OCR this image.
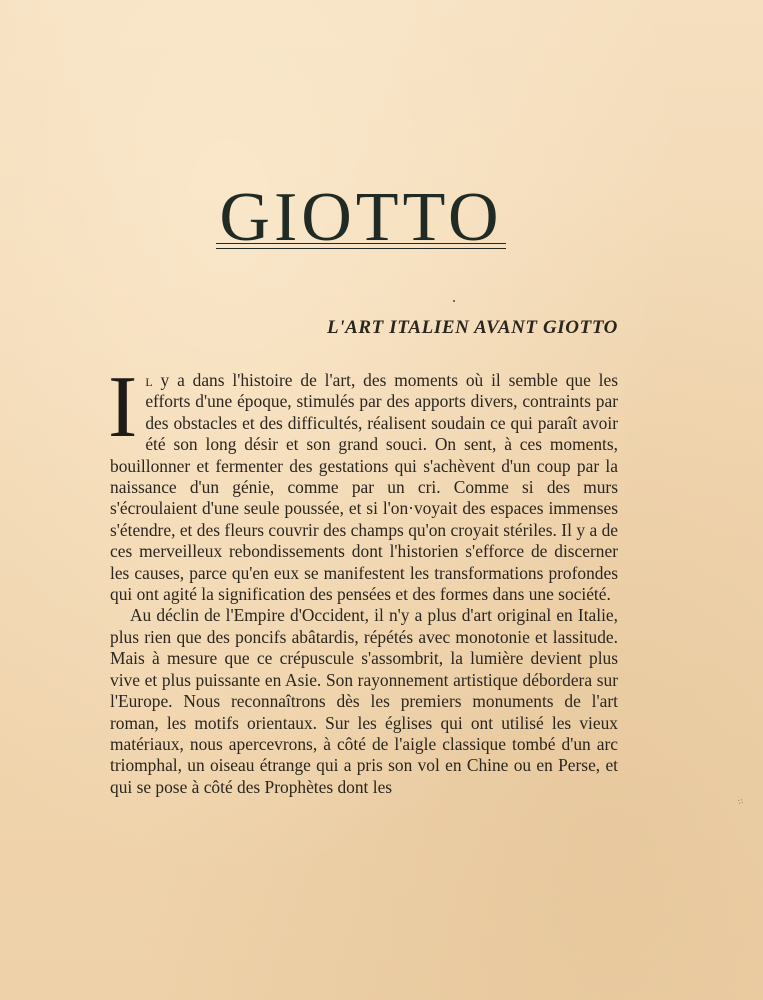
GIOTTO
L'ART ITALIEN AVANT GIOTTO

Il y a dans l'histoire de l'art, des moments où il semble que les efforts d'une époque, stimulés par des apports divers, contraints par des obstacles et des difficultés, réalisent soudain ce qui paraît avoir été son long désir et son grand souci. On sent, à ces moments, bouillonner et fermenter des gestations qui s'achèvent d'un coup par la naissance d'un génie, comme par un cri. Comme si des murs s'écroulaient d'une seule poussée, et si l'on·voyait des espaces immenses s'étendre, et des fleurs couvrir des champs qu'on croyait stériles. Il y a de ces merveilleux rebondissements dont l'historien s'efforce de discerner les causes, parce qu'en eux se manifestent les transformations profondes qui ont agité la signification des pensées et des formes dans une société.

Au déclin de l'Empire d'Occident, il n'y a plus d'art original en Italie, plus rien que des poncifs abâtardis, répétés avec monotonie et lassitude. Mais à mesure que ce crépuscule s'assombrit, la lumière devient plus vive et plus puissante en Asie. Son rayonnement artistique débordera sur l'Europe. Nous reconnaîtrons dès les premiers monuments de l'art roman, les motifs orientaux. Sur les églises qui ont utilisé les vieux matériaux, nous apercevrons, à côté de l'aigle classique tombé d'un arc triomphal, un oiseau étrange qui a pris son vol en Chine ou en Perse, et qui se pose à côté des Prophètes dont les

⁘
